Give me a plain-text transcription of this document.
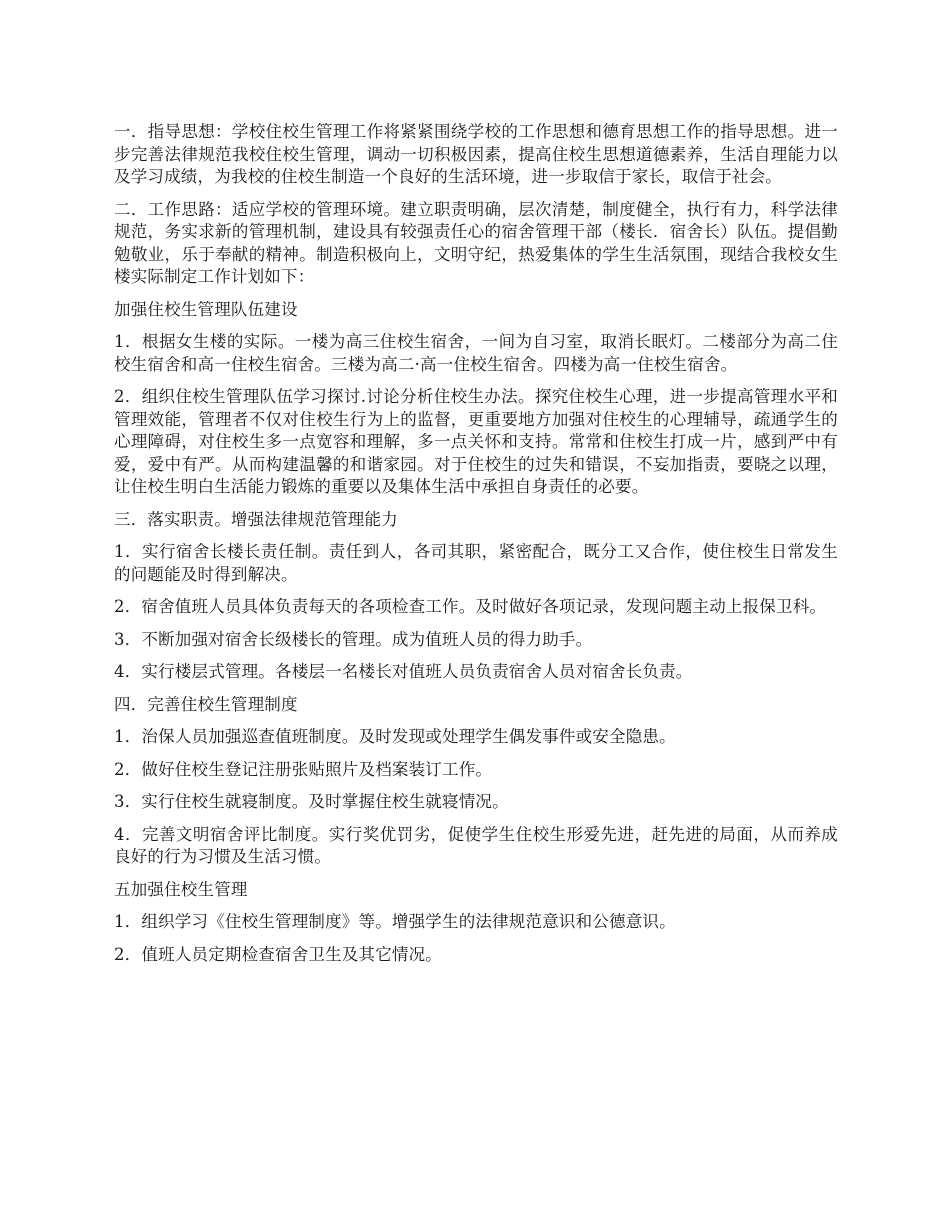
一．指导思想：学校住校生管理工作将紧紧围绕学校的工作思想和德育思想工作的指导思想。进一步完善法律规范我校住校生管理，调动一切积极因素，提高住校生思想道德素养，生活自理能力以及学习成绩，为我校的住校生制造一个良好的生活环境，进一步取信于家长，取信于社会。

二．工作思路：适应学校的管理环境。建立职责明确，层次清楚，制度健全，执行有力，科学法律规范，务实求新的管理机制，建设具有较强责任心的宿舍管理干部（楼长．宿舍长）队伍。提倡勤勉敬业，乐于奉献的精神。制造积极向上，文明守纪，热爱集体的学生生活氛围，现结合我校女生楼实际制定工作计划如下：

加强住校生管理队伍建设

1．根据女生楼的实际。一楼为高三住校生宿舍，一间为自习室，取消长眠灯。二楼部分为高二住校生宿舍和高一住校生宿舍。三楼为高二·高一住校生宿舍。四楼为高一住校生宿舍。

2．组织住校生管理队伍学习探讨.讨论分析住校生办法。探究住校生心理，进一步提高管理水平和管理效能，管理者不仅对住校生行为上的监督，更重要地方加强对住校生的心理辅导，疏通学生的心理障碍，对住校生多一点宽容和理解，多一点关怀和支持。常常和住校生打成一片，感到严中有爱，爱中有严。从而构建温馨的和谐家园。对于住校生的过失和错误，不妄加指责，要晓之以理，让住校生明白生活能力锻炼的重要以及集体生活中承担自身责任的必要。

三．落实职责。增强法律规范管理能力

1．实行宿舍长楼长责任制。责任到人，各司其职，紧密配合，既分工又合作，使住校生日常发生的问题能及时得到解决。

2．宿舍值班人员具体负责每天的各项检查工作。及时做好各项记录，发现问题主动上报保卫科。

3．不断加强对宿舍长级楼长的管理。成为值班人员的得力助手。

4．实行楼层式管理。各楼层一名楼长对值班人员负责宿舍人员对宿舍长负责。

四．完善住校生管理制度

1．治保人员加强巡查值班制度。及时发现或处理学生偶发事件或安全隐患。

2．做好住校生登记注册张贴照片及档案装订工作。

3．实行住校生就寝制度。及时掌握住校生就寝情况。

4．完善文明宿舍评比制度。实行奖优罚劣，促使学生住校生形爱先进，赶先进的局面，从而养成良好的行为习惯及生活习惯。

五加强住校生管理

1．组织学习《住校生管理制度》等。增强学生的法律规范意识和公德意识。

2．值班人员定期检查宿舍卫生及其它情况。
